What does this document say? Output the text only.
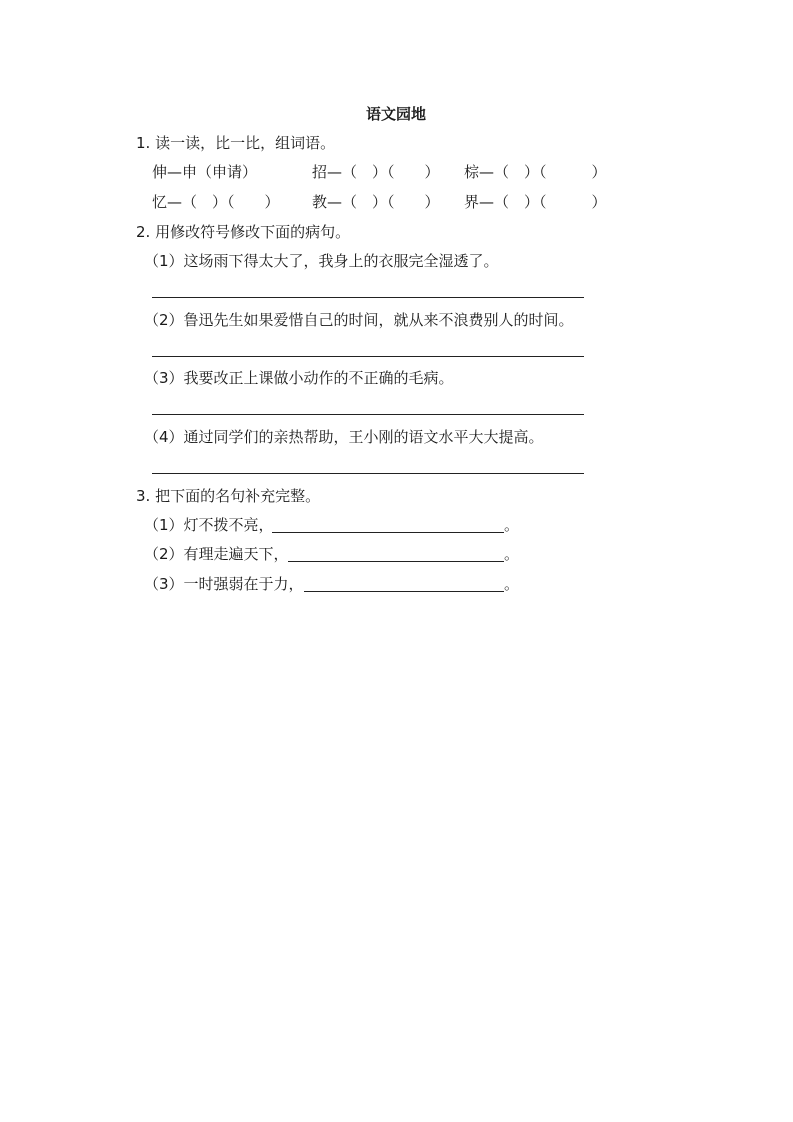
语文园地
1. 读一读，比一比，组词语。
伸—申（申请）	招—（　）（　　） 棕—（　）（　　　）
忆—（　）（　　） 教—（　）（　　） 界—（　）（　　　）
2. 用修改符号修改下面的病句。
（1）这场雨下得太大了，我身上的衣服完全湿透了。
（2）鲁迅先生如果爱惜自己的时间，就从来不浪费别人的时间。
（3）我要改正上课做小动作的不正确的毛病。
（4）通过同学们的亲热帮助，王小刚的语文水平大大提高。
3. 把下面的名句补充完整。
（1）灯不拨不亮，	。
（2）有理走遍天下，	。
（3）一时强弱在于力，	。
